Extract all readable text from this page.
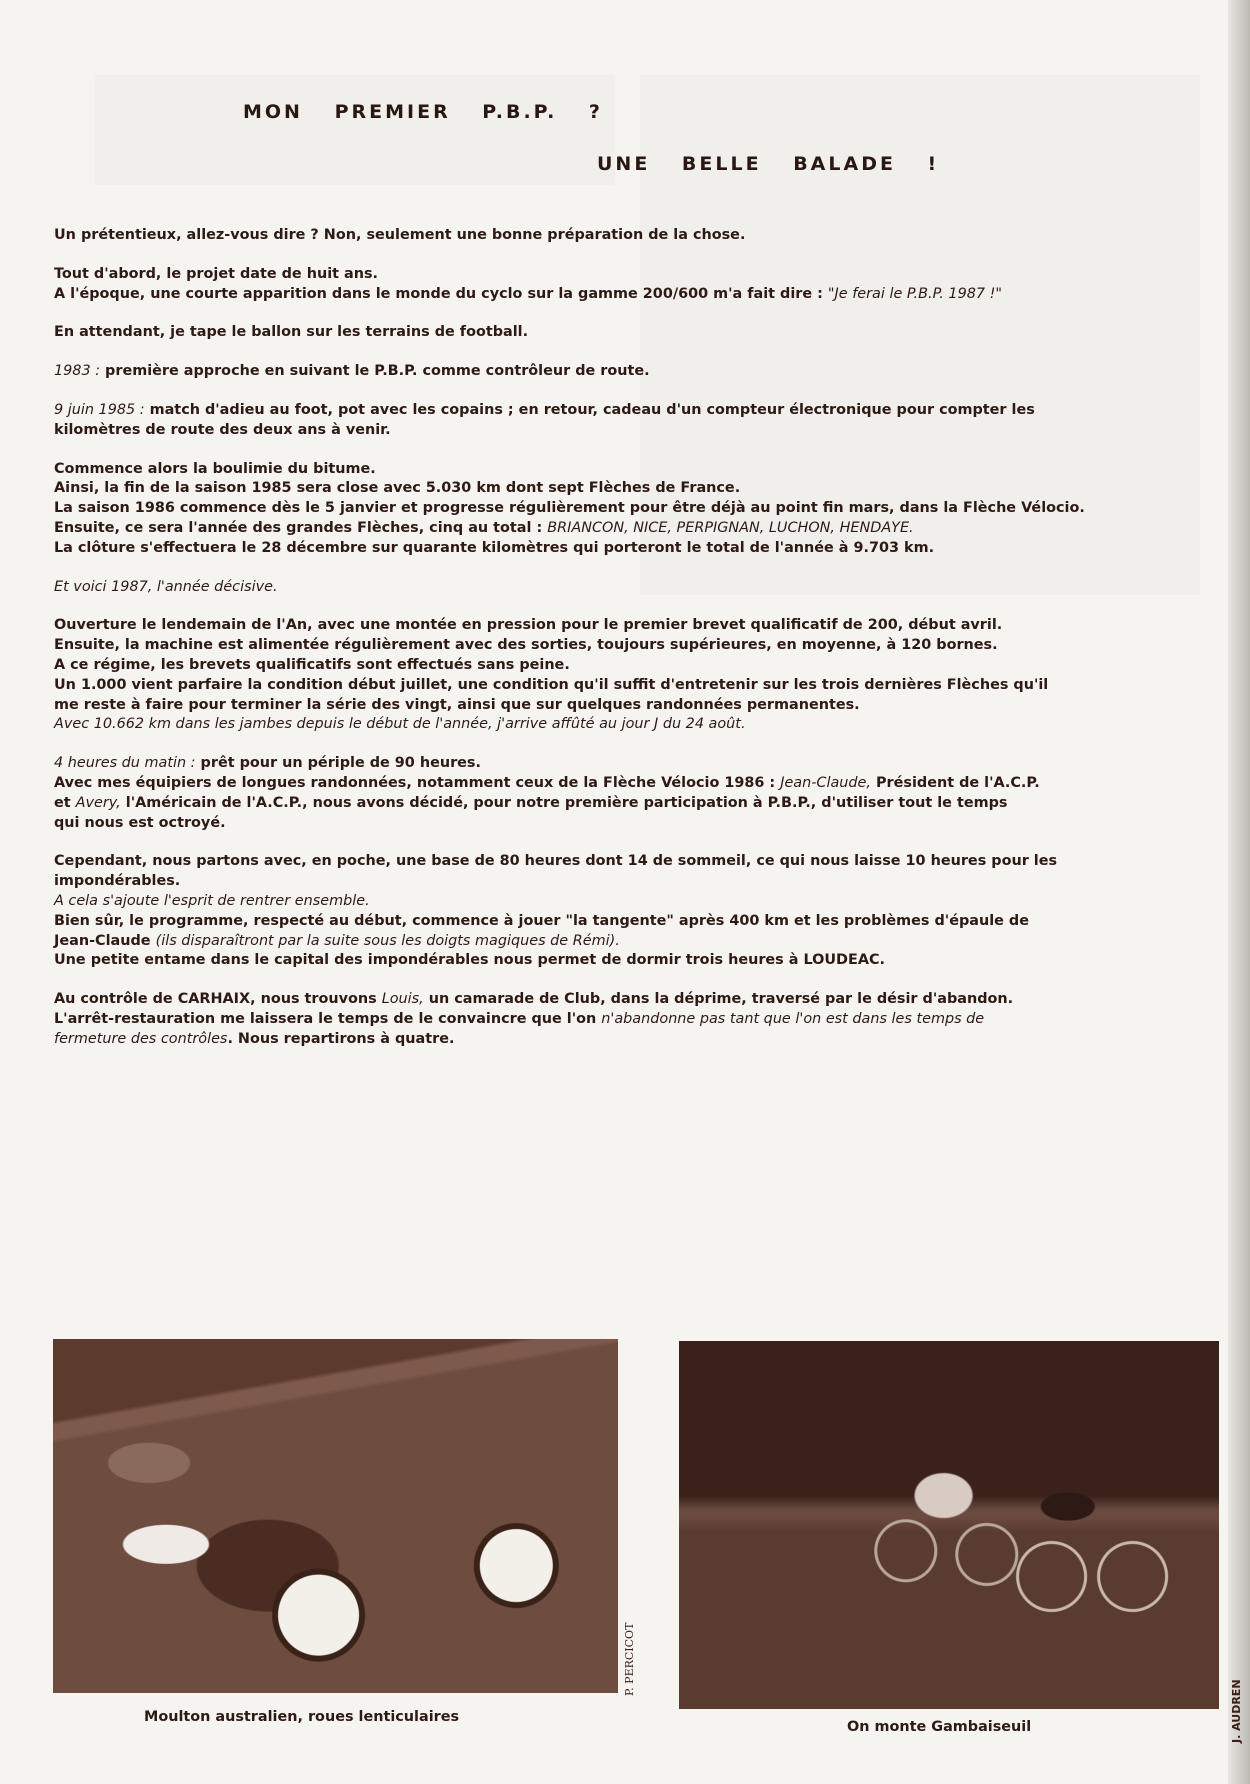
MON PREMIER P.B.P. ?
UNE BELLE BALADE !

Un prétentieux, allez-vous dire ? Non, seulement une bonne préparation de la chose.

Tout d'abord, le projet date de huit ans.
A l'époque, une courte apparition dans le monde du cyclo sur la gamme 200/600 m'a fait dire : "Je ferai le P.B.P. 1987 !"

En attendant, je tape le ballon sur les terrains de football.

1983 : première approche en suivant le P.B.P. comme contrôleur de route.

9 juin 1985 : match d'adieu au foot, pot avec les copains ; en retour, cadeau d'un compteur électronique pour compter les
kilomètres de route des deux ans à venir.

Commence alors la boulimie du bitume.
Ainsi, la fin de la saison 1985 sera close avec 5.030 km dont sept Flèches de France.
La saison 1986 commence dès le 5 janvier et progresse régulièrement pour être déjà au point fin mars, dans la Flèche Vélocio.
Ensuite, ce sera l'année des grandes Flèches, cinq au total : BRIANCON, NICE, PERPIGNAN, LUCHON, HENDAYE.
La clôture s'effectuera le 28 décembre sur quarante kilomètres qui porteront le total de l'année à 9.703 km.

Et voici 1987, l'année décisive.

Ouverture le lendemain de l'An, avec une montée en pression pour le premier brevet qualificatif de 200, début avril.
Ensuite, la machine est alimentée régulièrement avec des sorties, toujours supérieures, en moyenne, à 120 bornes.
A ce régime, les brevets qualificatifs sont effectués sans peine.
Un 1.000 vient parfaire la condition début juillet, une condition qu'il suffit d'entretenir sur les trois dernières Flèches qu'il
me reste à faire pour terminer la série des vingt, ainsi que sur quelques randonnées permanentes.
Avec 10.662 km dans les jambes depuis le début de l'année, j'arrive affûté au jour J du 24 août.

4 heures du matin : prêt pour un périple de 90 heures.
Avec mes équipiers de longues randonnées, notamment ceux de la Flèche Vélocio 1986 : Jean-Claude, Président de l'A.C.P.
et Avery, l'Américain de l'A.C.P., nous avons décidé, pour notre première participation à P.B.P., d'utiliser tout le temps
qui nous est octroyé.

Cependant, nous partons avec, en poche, une base de 80 heures dont 14 de sommeil, ce qui nous laisse 10 heures pour les
impondérables.
A cela s'ajoute l'esprit de rentrer ensemble.
Bien sûr, le programme, respecté au début, commence à jouer "la tangente" après 400 km et les problèmes d'épaule de
Jean-Claude (ils disparaîtront par la suite sous les doigts magiques de Rémi).
Une petite entame dans le capital des impondérables nous permet de dormir trois heures à LOUDEAC.

Au contrôle de CARHAIX, nous trouvons Louis, un camarade de Club, dans la déprime, traversé par le désir d'abandon.
L'arrêt-restauration me laissera le temps de le convaincre que l'on n'abandonne pas tant que l'on est dans les temps de
fermeture des contrôles. Nous repartirons à quatre.

P. PERCICOT
Moulton australien, roues lenticulaires	J. AUDREN
On monte Gambaiseuil
